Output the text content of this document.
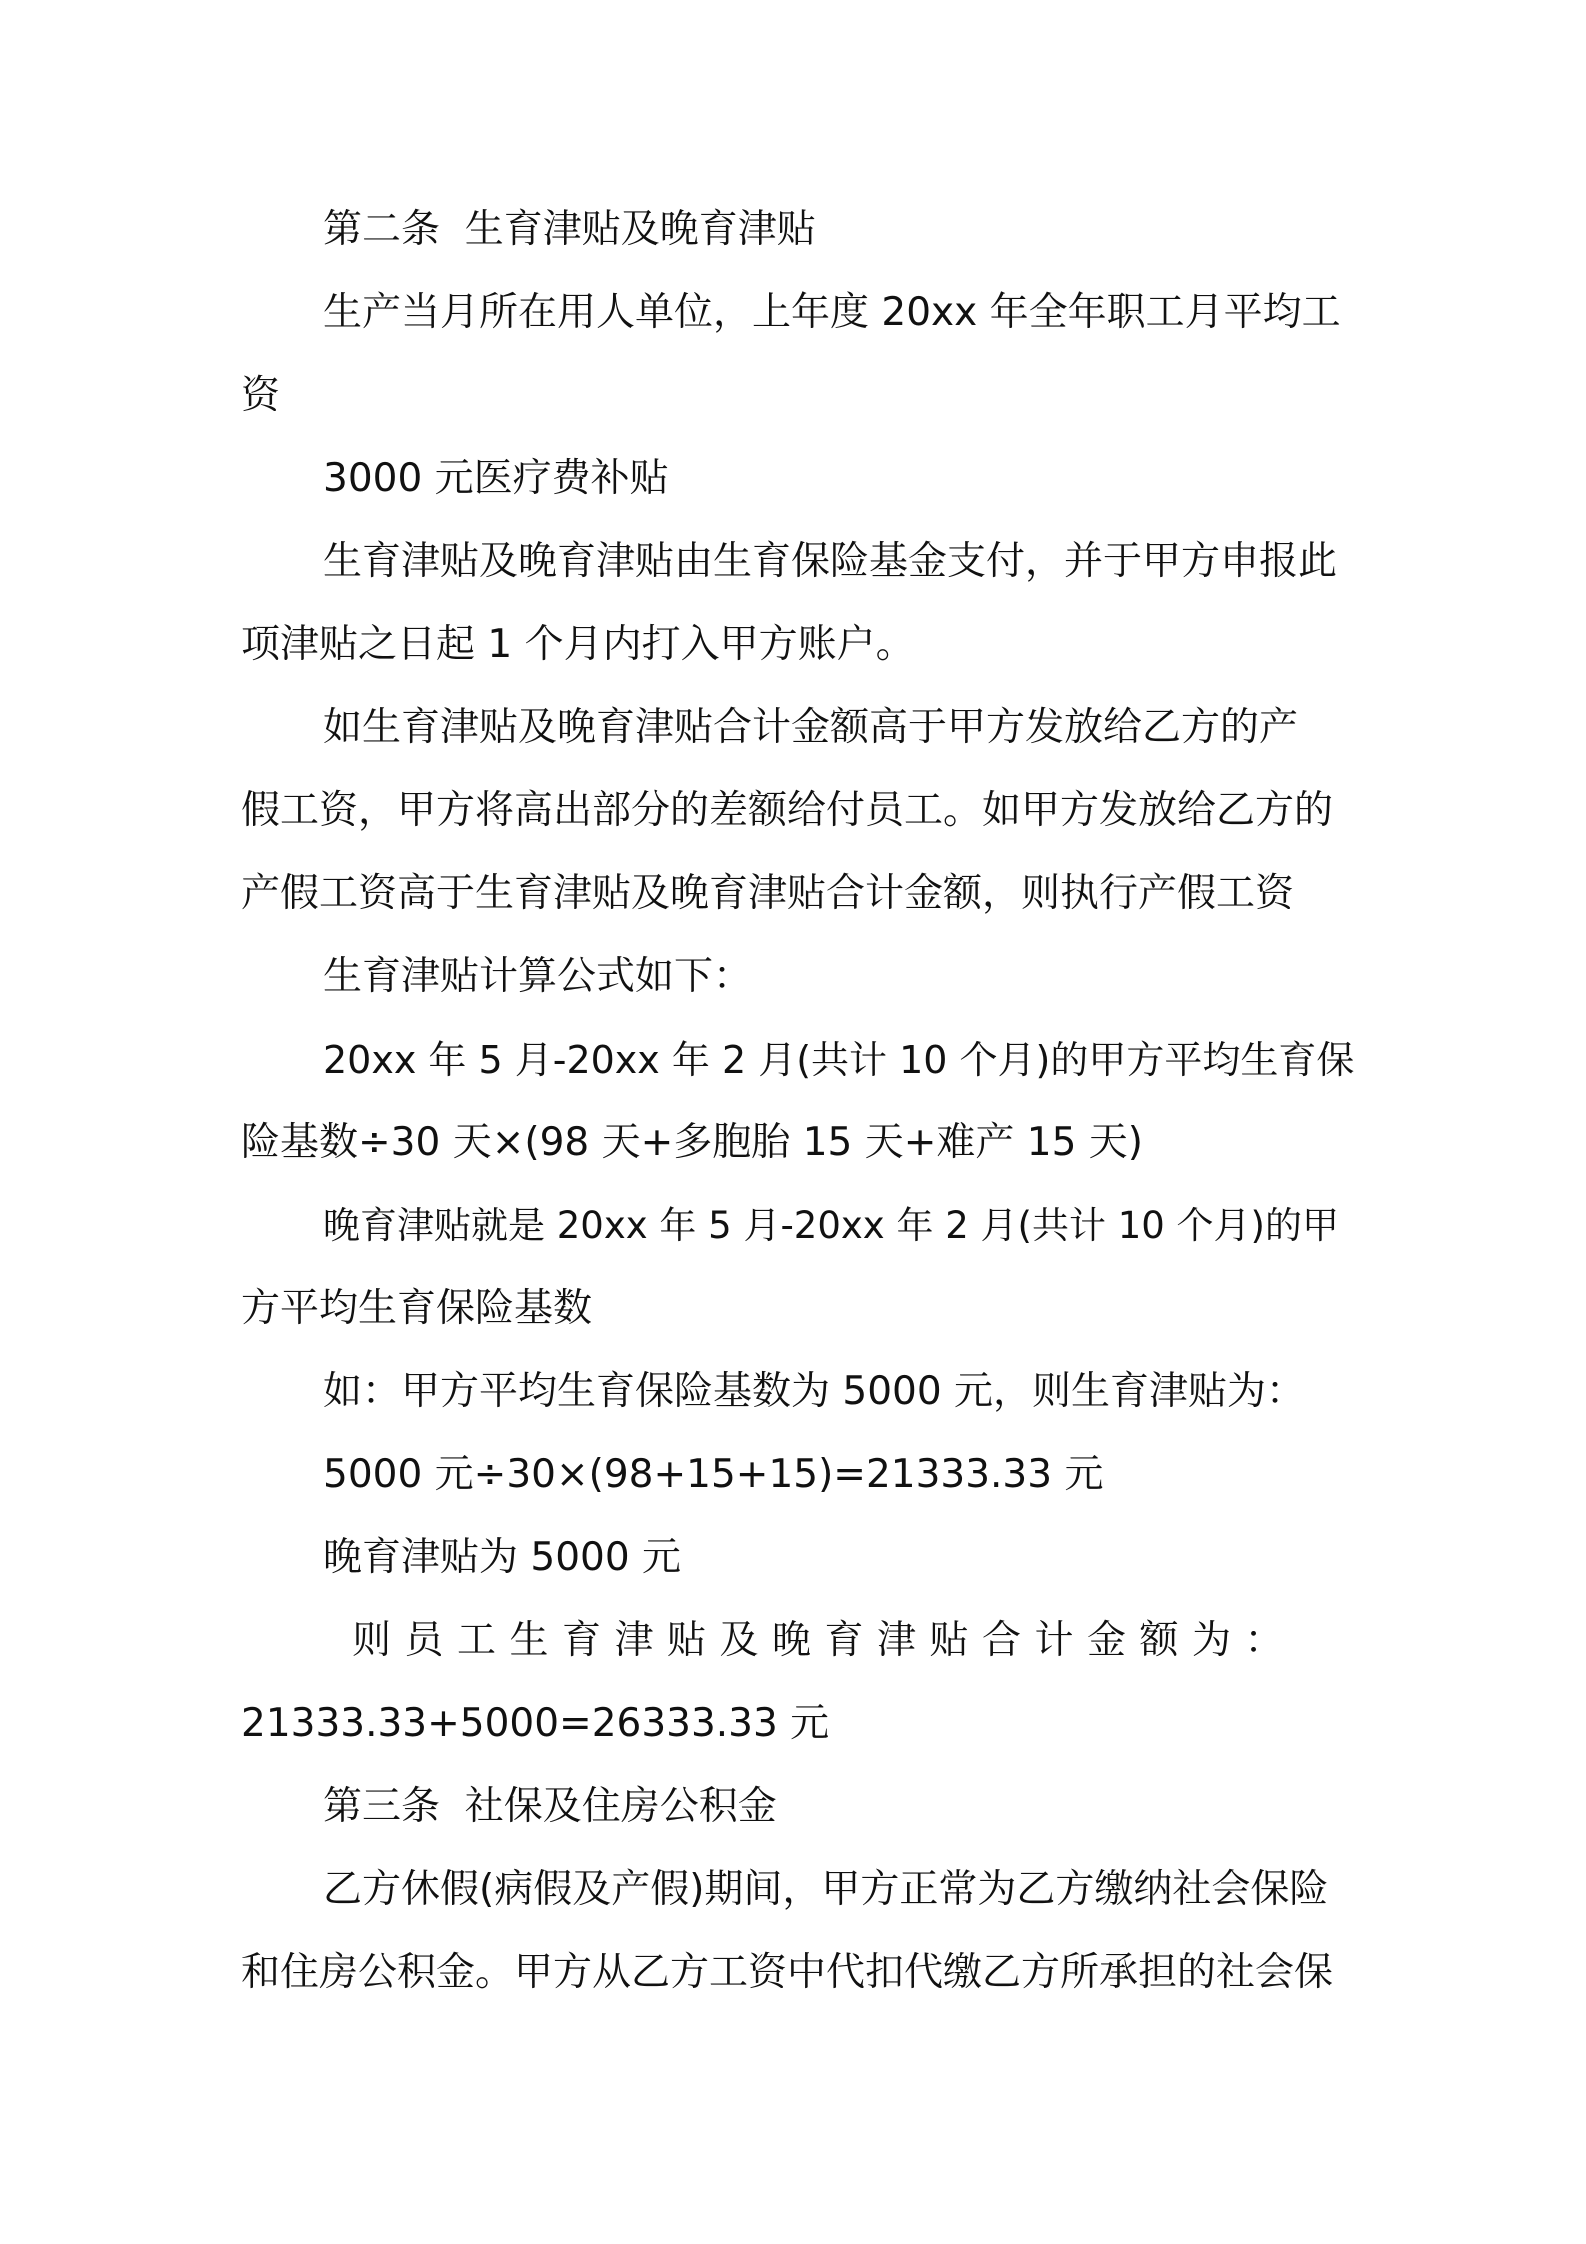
第二条  生育津贴及晚育津贴
生产当月所在用人单位，上年度 20xx 年全年职工月平均工
资
3000 元医疗费补贴
生育津贴及晚育津贴由生育保险基金支付，并于甲方申报此
项津贴之日起 1 个月内打入甲方账户。
如生育津贴及晚育津贴合计金额高于甲方发放给乙方的产
假工资，甲方将高出部分的差额给付员工。如甲方发放给乙方的
产假工资高于生育津贴及晚育津贴合计金额，则执行产假工资
生育津贴计算公式如下：
20xx 年 5 月-20xx 年 2 月(共计 10 个月)的甲方平均生育保
险基数÷30 天×(98 天+多胞胎 15 天+难产 15 天)
晚育津贴就是 20xx 年 5 月-20xx 年 2 月(共计 10 个月)的甲
方平均生育保险基数
如：甲方平均生育保险基数为 5000 元，则生育津贴为：
5000 元÷30×(98+15+15)=21333.33 元
晚育津贴为 5000 元
则员工生育津贴及晚育津贴合计金额为：
21333.33+5000=26333.33 元
第三条  社保及住房公积金
乙方休假(病假及产假)期间，甲方正常为乙方缴纳社会保险
和住房公积金。甲方从乙方工资中代扣代缴乙方所承担的社会保
